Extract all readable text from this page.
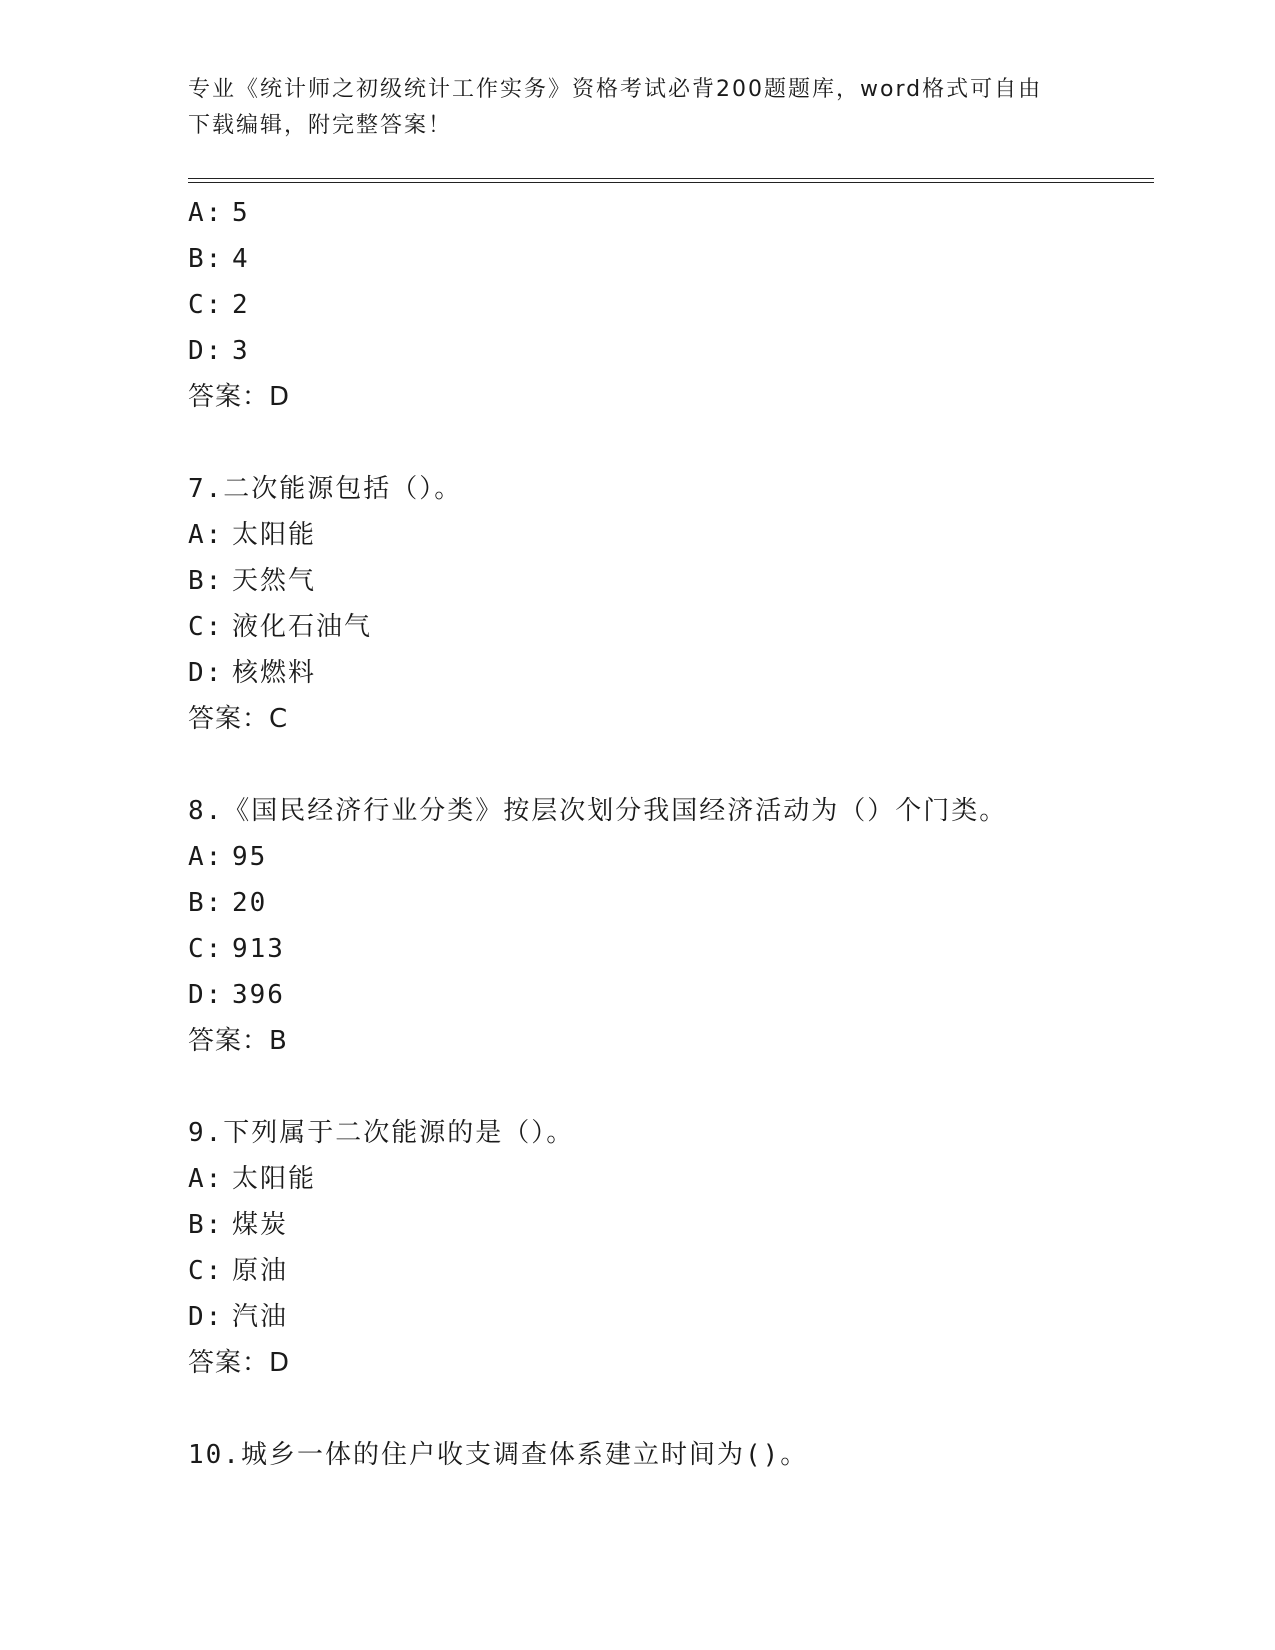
专业《统计师之初级统计工作实务》资格考试必背200题题库，word格式可自由
下载编辑，附完整答案！
A: 5
B: 4
C: 2
D: 3
答案：D
7.二次能源包括（）。
A: 太阳能
B: 天然气
C: 液化石油气
D: 核燃料
答案：C
8.《国民经济行业分类》按层次划分我国经济活动为（）个门类。
A: 95
B: 20
C: 913
D: 396
答案：B
9.下列属于二次能源的是（）。
A: 太阳能
B: 煤炭
C: 原油
D: 汽油
答案：D
10.城乡一体的住户收支调查体系建立时间为()。
